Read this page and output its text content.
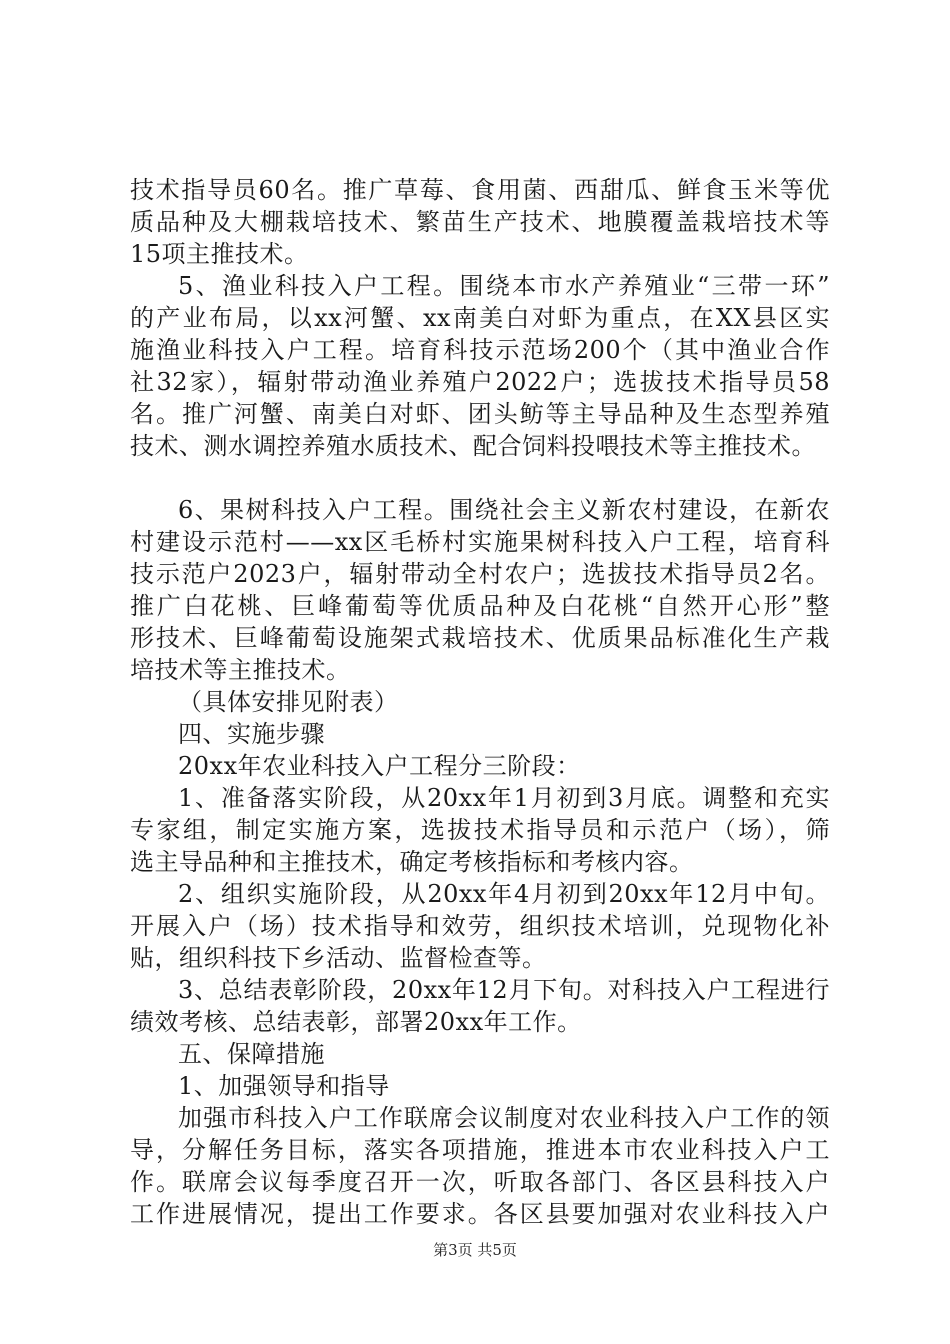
技术指导员60名。推广草莓、食用菌、西甜瓜、鲜食玉米等优
质品种及大棚栽培技术、繁苗生产技术、地膜覆盖栽培技术等
15项主推技术。
5、渔业科技入户工程。围绕本市水产养殖业“三带一环”
的产业布局，以xx河蟹、xx南美白对虾为重点，在XX县区实
施渔业科技入户工程。培育科技示范场200个（其中渔业合作
社32家），辐射带动渔业养殖户2022户；选拔技术指导员58
名。推广河蟹、南美白对虾、团头鲂等主导品种及生态型养殖
技术、测水调控养殖水质技术、配合饲料投喂技术等主推技术。
6、果树科技入户工程。围绕社会主义新农村建设，在新农
村建设示范村——xx区毛桥村实施果树科技入户工程，培育科
技示范户2023户，辐射带动全村农户；选拔技术指导员2名。
推广白花桃、巨峰葡萄等优质品种及白花桃“自然开心形”整
形技术、巨峰葡萄设施架式栽培技术、优质果品标准化生产栽
培技术等主推技术。
（具体安排见附表）
四、实施步骤
20xx年农业科技入户工程分三阶段：
1、准备落实阶段，从20xx年1月初到3月底。调整和充实
专家组，制定实施方案，选拔技术指导员和示范户（场），筛
选主导品种和主推技术，确定考核指标和考核内容。
2、组织实施阶段，从20xx年4月初到20xx年12月中旬。
开展入户（场）技术指导和效劳，组织技术培训，兑现物化补
贴，组织科技下乡活动、监督检查等。
3、总结表彰阶段，20xx年12月下旬。对科技入户工程进行
绩效考核、总结表彰，部署20xx年工作。
五、保障措施
1、加强领导和指导
加强市科技入户工作联席会议制度对农业科技入户工作的领
导，分解任务目标，落实各项措施，推进本市农业科技入户工
作。联席会议每季度召开一次，听取各部门、各区县科技入户
工作进展情况，提出工作要求。各区县要加强对农业科技入户
第3页 共5页
